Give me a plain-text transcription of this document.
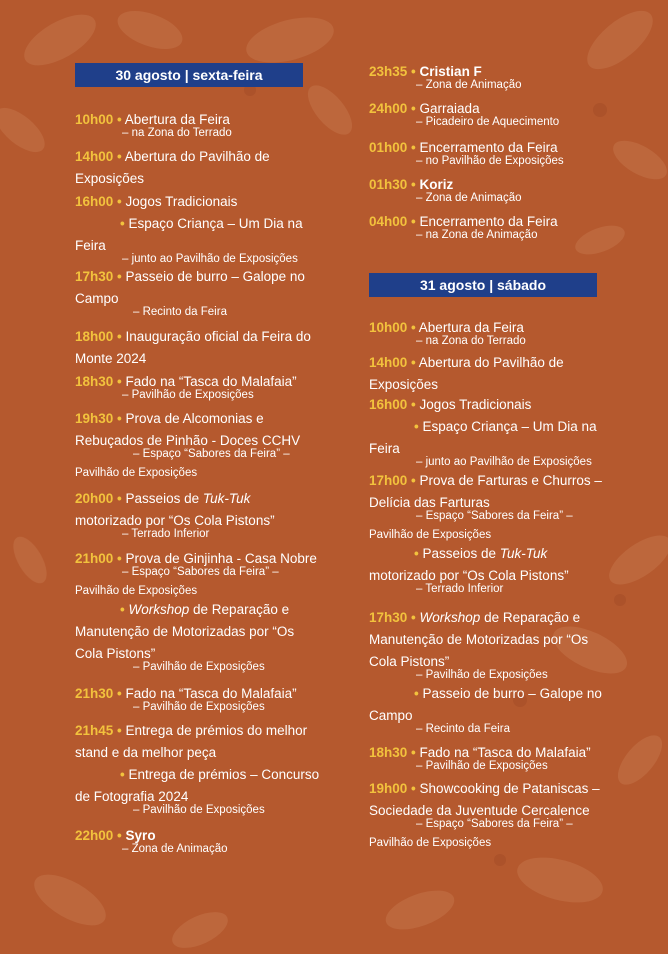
30 agosto | sexta-feira
10h00 • Abertura da Feira
– na Zona do Terrado
14h00 • Abertura do Pavilhão de
Exposições
16h00 • Jogos Tradicionais
• Espaço Criança – Um Dia na
Feira
– junto ao Pavilhão de Exposições
17h30 • Passeio de burro – Galope no
Campo
– Recinto da Feira
18h00 • Inauguração oficial da Feira do
Monte 2024
18h30 • Fado na “Tasca do Malafaia”
– Pavilhão de Exposições
19h30 • Prova de Alcomonias e
Rebuçados de Pinhão - Doces CCHV
– Espaço “Sabores da Feira” –
Pavilhão de Exposições
20h00 • Passeios de Tuk-Tuk
motorizado por “Os Cola Pistons”
– Terrado Inferior
21h00 • Prova de Ginjinha - Casa Nobre
– Espaço “Sabores da Feira” –
Pavilhão de Exposições
• Workshop de Reparação e
Manutenção de Motorizadas por “Os
Cola Pistons”
– Pavilhão de Exposições
21h30 • Fado na “Tasca do Malafaia”
– Pavilhão de Exposições
21h45 • Entrega de prémios do melhor
stand e da melhor peça
• Entrega de prémios – Concurso
de Fotografia 2024
– Pavilhão de Exposições
22h00 • Syro
– Zona de Animação
23h35 • Cristian F
– Zona de Animação
24h00 • Garraiada
– Picadeiro de Aquecimento
01h00 • Encerramento da Feira
– no Pavilhão de Exposições
01h30 • Koriz
– Zona de Animação
04h00 • Encerramento da Feira
– na Zona de Animação
31 agosto | sábado
10h00 • Abertura da Feira
– na Zona do Terrado
14h00 • Abertura do Pavilhão de
Exposições
16h00 • Jogos Tradicionais
• Espaço Criança – Um Dia na
Feira
– junto ao Pavilhão de Exposições
17h00 • Prova de Farturas e Churros –
Delícia das Farturas
– Espaço “Sabores da Feira” –
Pavilhão de Exposições
• Passeios de Tuk-Tuk
motorizado por “Os Cola Pistons”
– Terrado Inferior
17h30 • Workshop de Reparação e
Manutenção de Motorizadas por “Os
Cola Pistons”
– Pavilhão de Exposições
• Passeio de burro – Galope no
Campo
– Recinto da Feira
18h30 • Fado na “Tasca do Malafaia”
– Pavilhão de Exposições
19h00 • Showcooking de Pataniscas –
Sociedade da Juventude Cercalence
– Espaço “Sabores da Feira” –
Pavilhão de Exposições
